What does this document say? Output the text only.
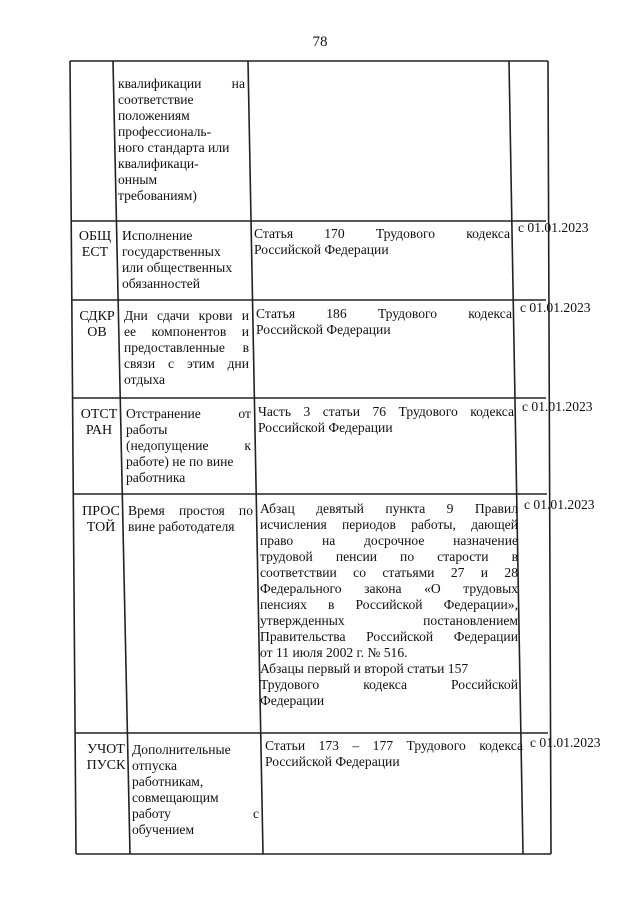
78
квалификации на
соответствие
положениям
профессиональ-
ного стандарта или
квалификаци-
онным
требованиям)
ОБЩ ЕСТ
Исполнение
государственных
или общественных
обязанностей
Статья 170 Трудового кодекса
Российской Федерации
с 01.01.2023
СДКР ОВ
Дни сдачи крови и
ее компонентов и
предоставленные в
связи с этим дни
отдыха
Статья 186 Трудового кодекса
Российской Федерации
с 01.01.2023
ОТСТ РАН
Отстранение от
работы
(недопущение к
работе) не по вине
работника
Часть 3 статьи 76 Трудового кодекса
Российской Федерации
с 01.01.2023
ПРОС ТОЙ
Время простоя по
вине работодателя
Абзац девятый пункта 9 Правил
исчисления периодов работы, дающей
право на досрочное назначение
трудовой пенсии по старости в
соответствии со статьями 27 и 28
Федерального закона «О трудовых
пенсиях в Российской Федерации»,
утвержденных постановлением
Правительства Российской Федерации
от 11 июля 2002 г. № 516.
Абзацы первый и второй статьи 157
Трудового кодекса Российской
Федерации
с 01.01.2023
УЧОТ ПУСК
Дополнительные
отпуска
работникам,
совмещающим
работу с
обучением
Статьи 173 – 177 Трудового кодекса
Российской Федерации
с 01.01.2023
